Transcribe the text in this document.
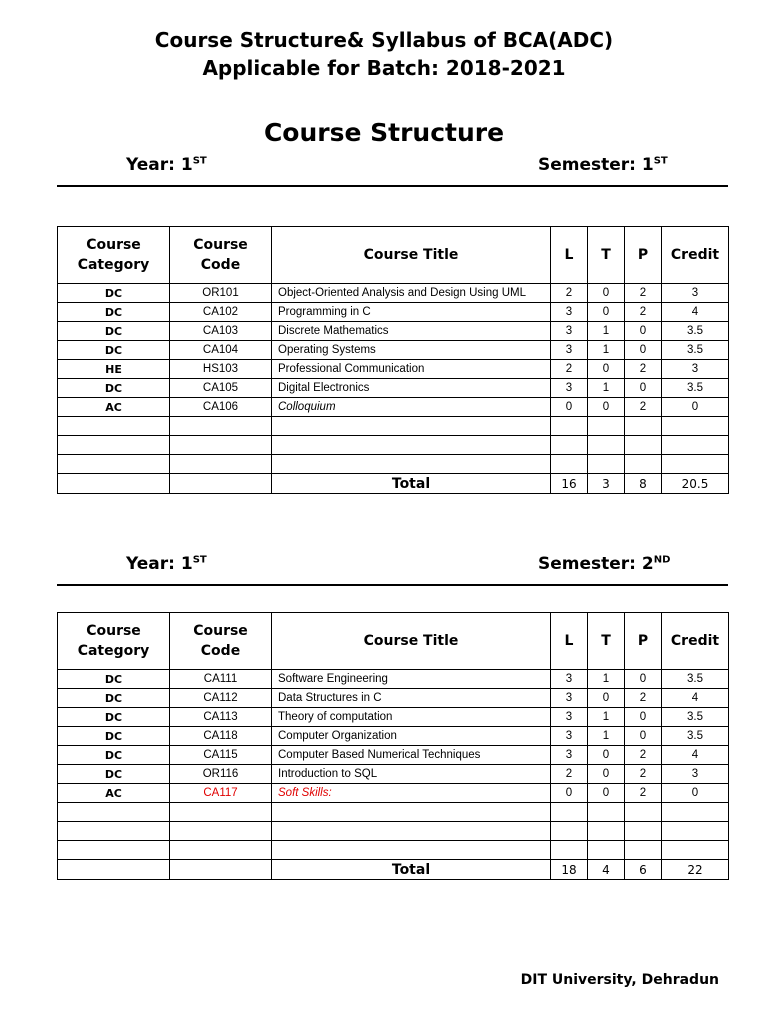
Course Structure& Syllabus of BCA(ADC)
Applicable for Batch: 2018-2021
Course Structure
Year: 1ST	Semester: 1ST
Course Category	Course Code	Course Title	L	T	P	Credit
DC	OR101	Object-Oriented Analysis and Design Using UML	2	0	2	3
DC	CA102	Programming in C	3	0	2	4
DC	CA103	Discrete Mathematics	3	1	0	3.5
DC	CA104	Operating Systems	3	1	0	3.5
HE	HS103	Professional Communication	2	0	2	3
DC	CA105	Digital Electronics	3	1	0	3.5
AC	CA106	Colloquium	0	0	2	0

		Total	16	3	8	20.5
Year: 1ST	Semester: 2ND
Course Category	Course Code	Course Title	L	T	P	Credit
DC	CA111	Software Engineering	3	1	0	3.5
DC	CA112	Data Structures in C	3	0	2	4
DC	CA113	Theory of computation	3	1	0	3.5
DC	CA118	Computer Organization	3	1	0	3.5
DC	CA115	Computer Based Numerical Techniques	3	0	2	4
DC	OR116	Introduction to SQL	2	0	2	3
AC	CA117	Soft Skills:	0	0	2	0

		Total	18	4	6	22
DIT University, Dehradun
